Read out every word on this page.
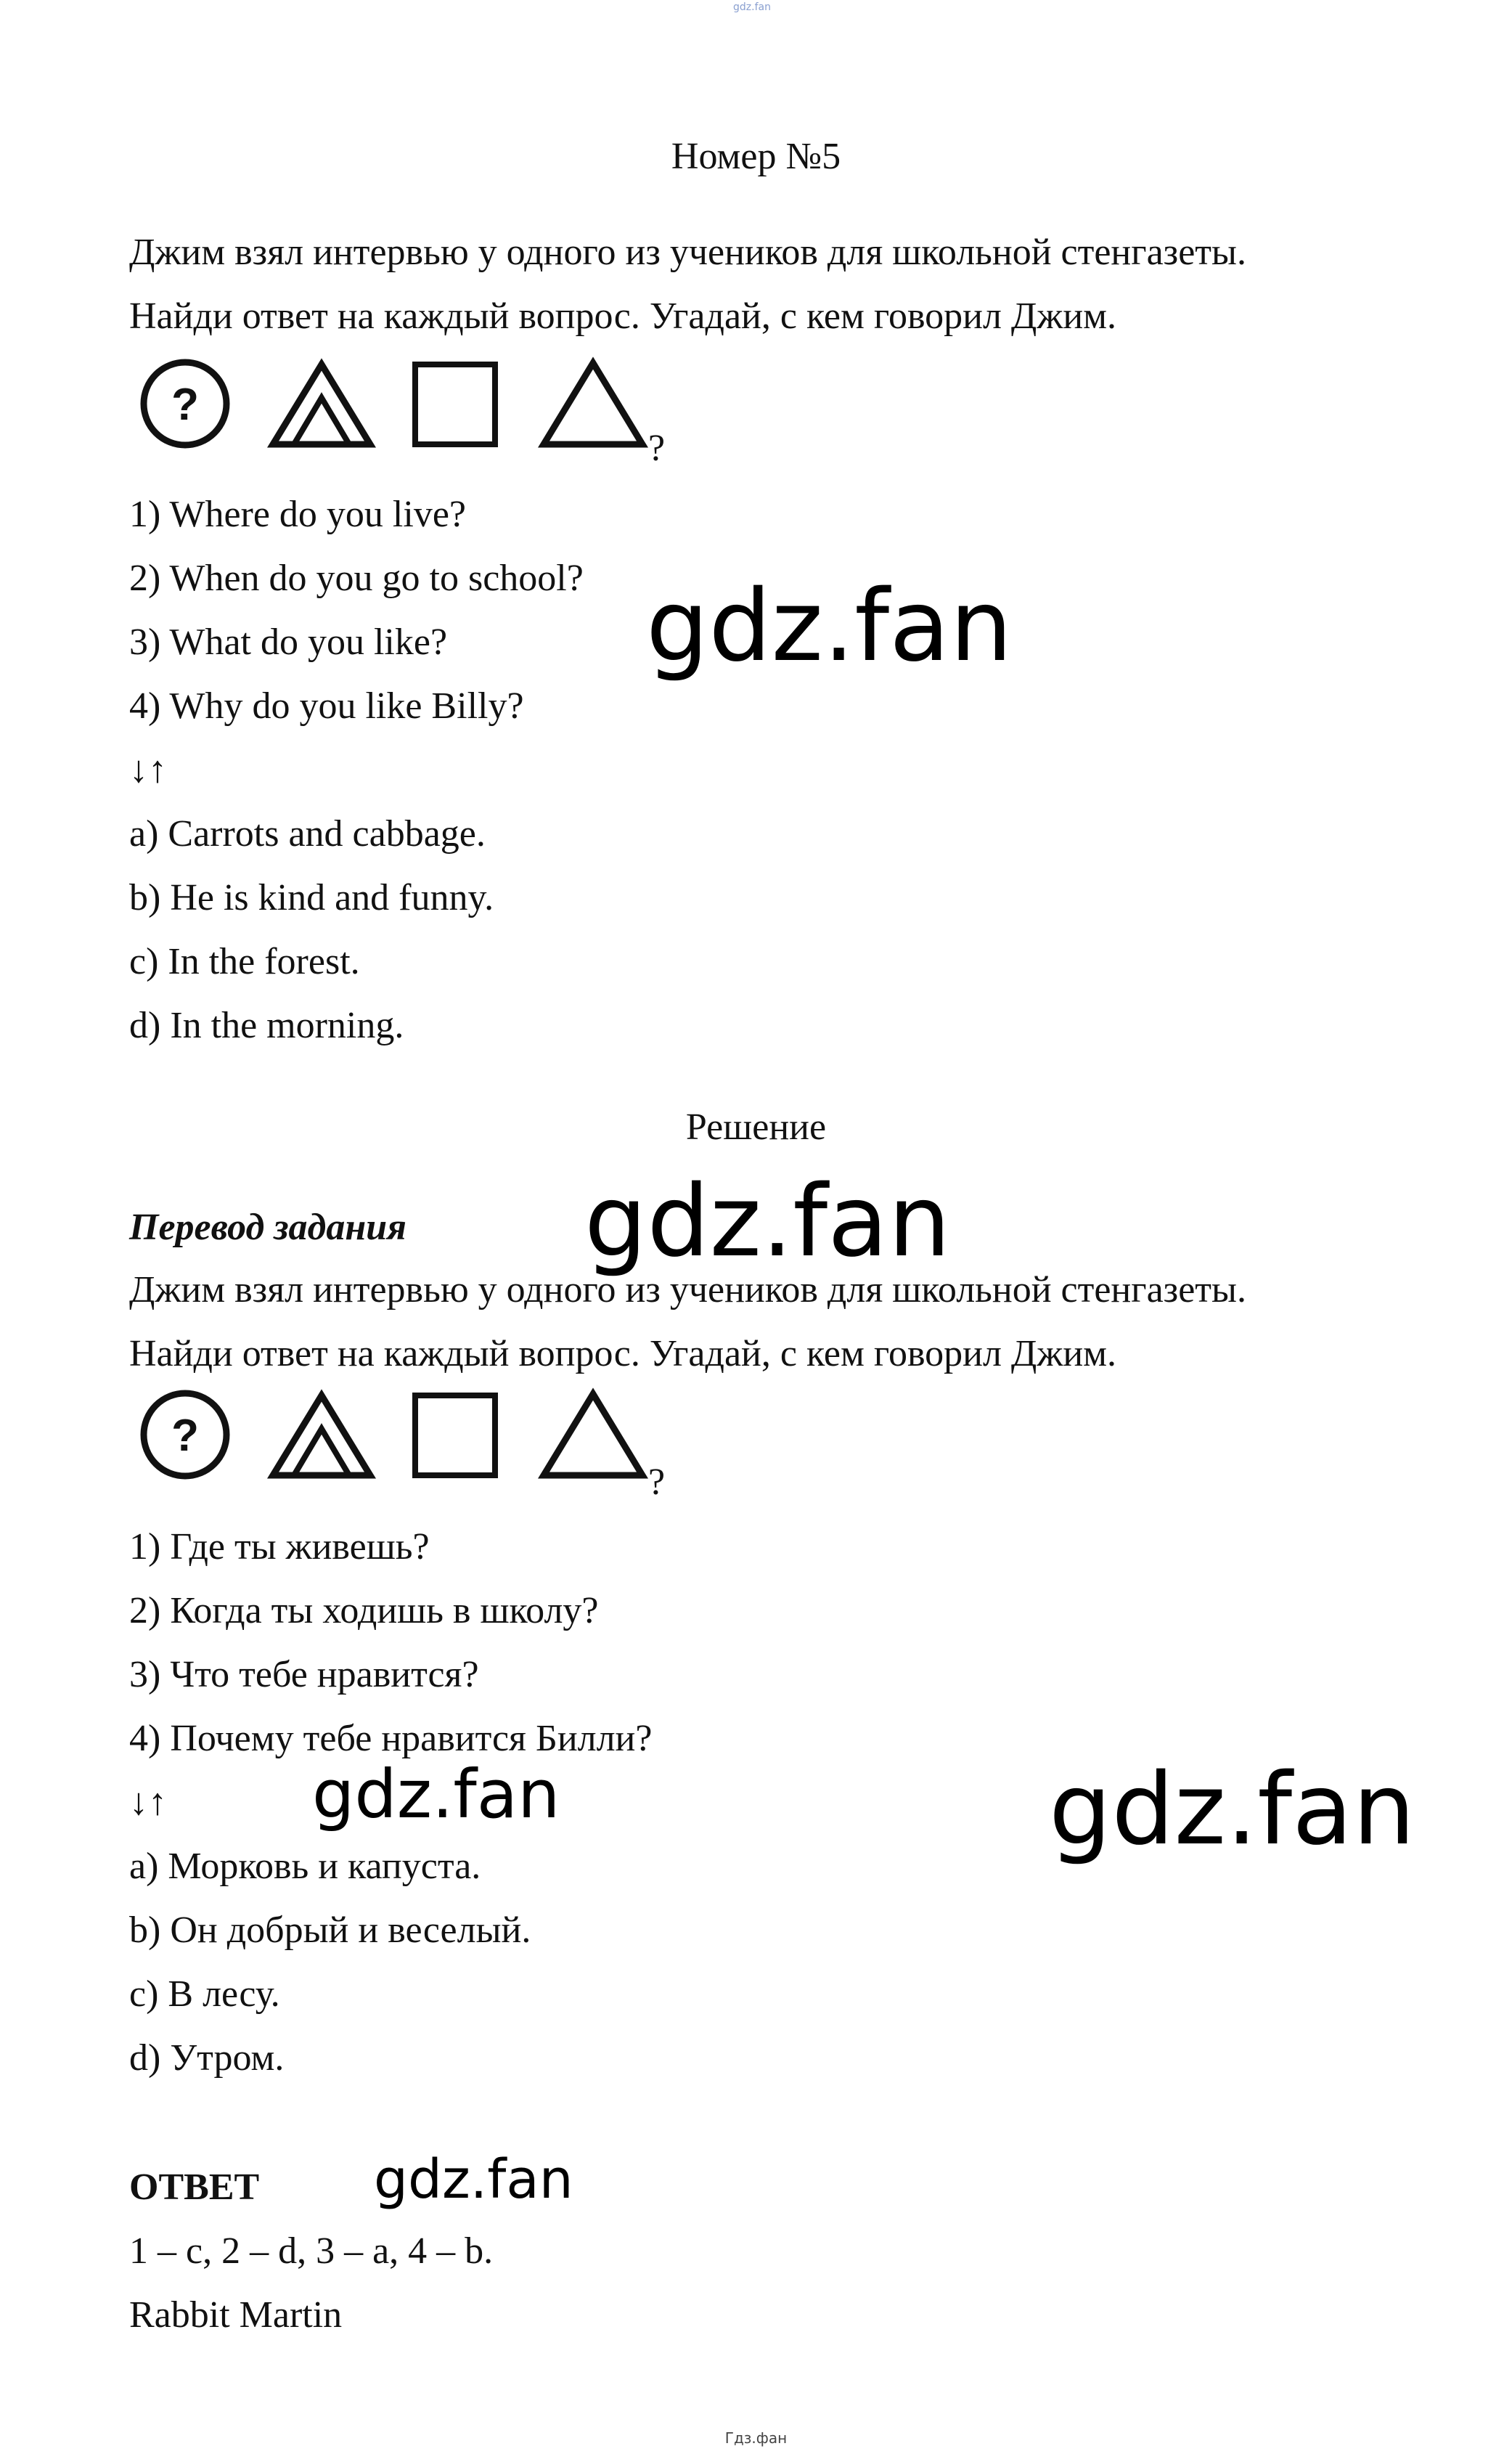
gdz.fan
Номер №5
Джим взял интервью у одного из учеников для школьной стенгазеты.
Найди ответ на каждый вопрос. Угадай, с кем говорил Джим.
?
?
1) Where do you live?
2) When do you go to school?
3) What do you like?
4) Why do you like Billy?
↓↑
a) Carrots and cabbage.
b) He is kind and funny.
c) In the forest.
d) In the morning.
Решение
Перевод задания
Джим взял интервью у одного из учеников для школьной стенгазеты.
Найди ответ на каждый вопрос. Угадай, с кем говорил Джим.
?
?
1) Где ты живешь?
2) Когда ты ходишь в школу?
3) Что тебе нравится?
4) Почему тебе нравится Билли?
↓↑
a) Морковь и капуста.
b) Он добрый и веселый.
c) В лесу.
d) Утром.
ОТВЕТ
1 – c, 2 – d, 3 – a, 4 – b.
Rabbit Martin
gdz.fan
gdz.fan
gdz.fan	gdz.fan
gdz.fan
Гдз.фан
